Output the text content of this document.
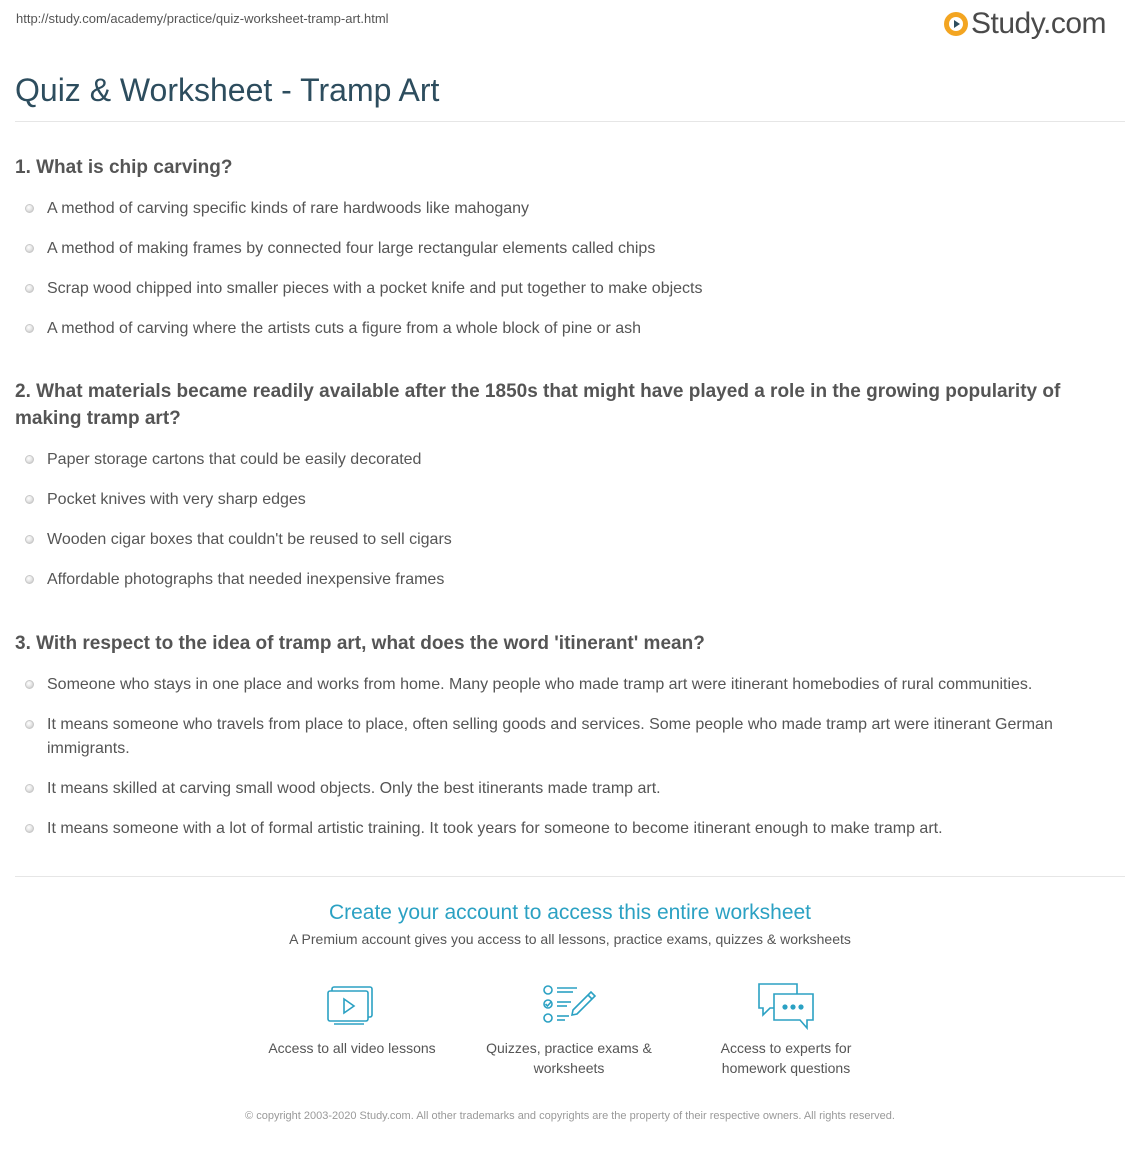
http://study.com/academy/practice/quiz-worksheet-tramp-art.html	Study.com
Quiz & Worksheet - Tramp Art

1. What is chip carving?

A method of carving specific kinds of rare hardwoods like mahogany
A method of making frames by connected four large rectangular elements called chips
Scrap wood chipped into smaller pieces with a pocket knife and put together to make objects
A method of carving where the artists cuts a figure from a whole block of pine or ash

2. What materials became readily available after the 1850s that might have played a role in the growing popularity of making tramp art?

Paper storage cartons that could be easily decorated
Pocket knives with very sharp edges
Wooden cigar boxes that couldn't be reused to sell cigars
Affordable photographs that needed inexpensive frames

3. With respect to the idea of tramp art, what does the word 'itinerant' mean?

Someone who stays in one place and works from home. Many people who made tramp art were itinerant homebodies of rural communities.
It means someone who travels from place to place, often selling goods and services. Some people who made tramp art were itinerant German immigrants.
It means skilled at carving small wood objects. Only the best itinerants made tramp art.
It means someone with a lot of formal artistic training. It took years for someone to become itinerant enough to make tramp art.
Create your account to access this entire worksheet
A Premium account gives you access to all lessons, practice exams, quizzes & worksheets
Access to all video lessons	Quizzes, practice exams & worksheets
Access to experts for homework questions
© copyright 2003-2020 Study.com. All other trademarks and copyrights are the property of their respective owners. All rights reserved.
